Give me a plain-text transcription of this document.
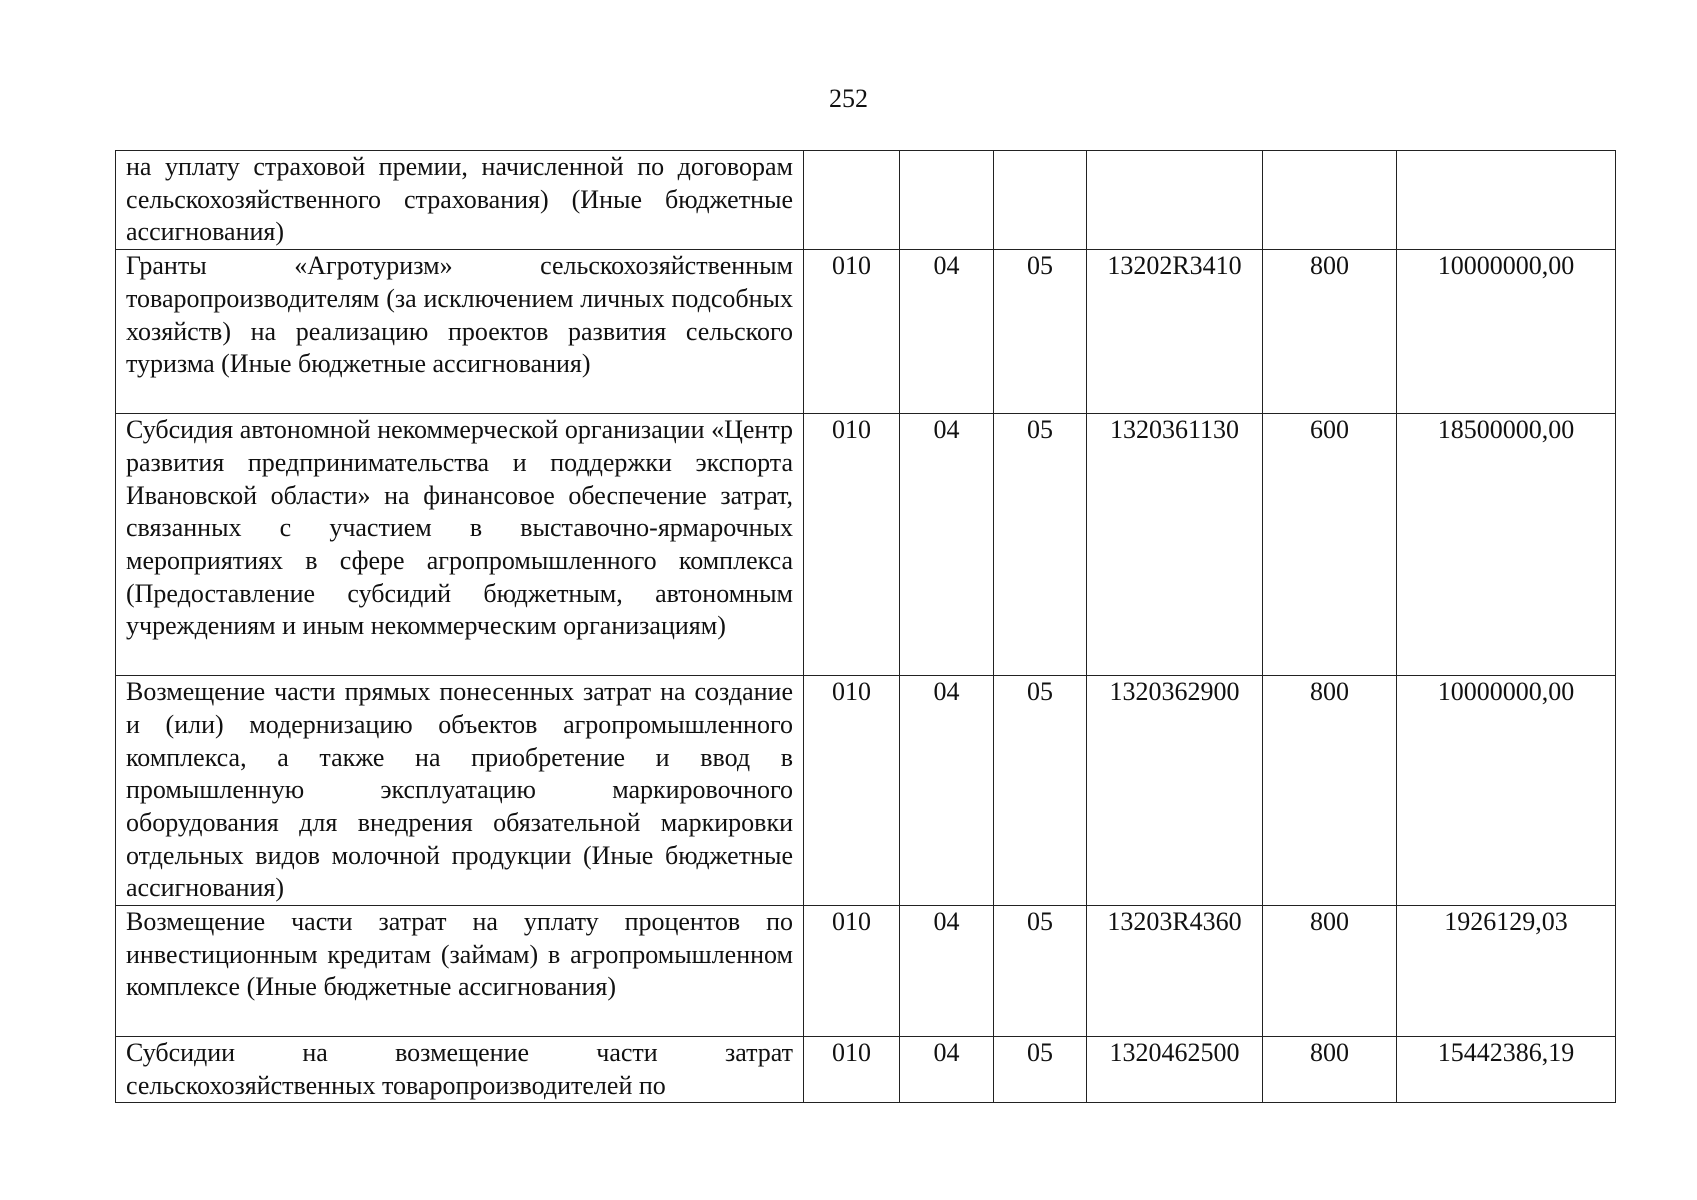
252
на уплату страховой премии, начисленной по договорам сельскохозяйственного страхования) (Иные бюджетные ассигнования)						
Гранты «Агротуризм» сельскохозяйственным товаропроизводителям (за исключением личных подсобных хозяйств) на реализацию проектов развития сельского туризма (Иные бюджетные ассигнования)	010	04	05	13202R3410	800	10000000,00
Субсидия автономной некоммерческой организации «Центр развития предпринимательства и поддержки экспорта Ивановской области» на финансовое обеспечение затрат, связанных с участием в выставочно-ярмарочных мероприятиях в сфере агропромышленного комплекса (Предоставление субсидий бюджетным, автономным учреждениям и иным некоммерческим организациям)	010	04	05	1320361130	600	18500000,00
Возмещение части прямых понесенных затрат на создание и (или) модернизацию объектов агропромышленного комплекса, а также на приобретение и ввод в промышленную эксплуатацию маркировочного оборудования для внедрения обязательной маркировки отдельных видов молочной продукции (Иные бюджетные ассигнования)	010	04	05	1320362900	800	10000000,00
Возмещение части затрат на уплату процентов по инвестиционным кредитам (займам) в агропромышленном комплексе (Иные бюджетные ассигнования)	010	04	05	13203R4360	800	1926129,03
Субсидии на возмещение части затрат сельскохозяйственных товаропроизводителей по	010	04	05	1320462500	800	15442386,19
